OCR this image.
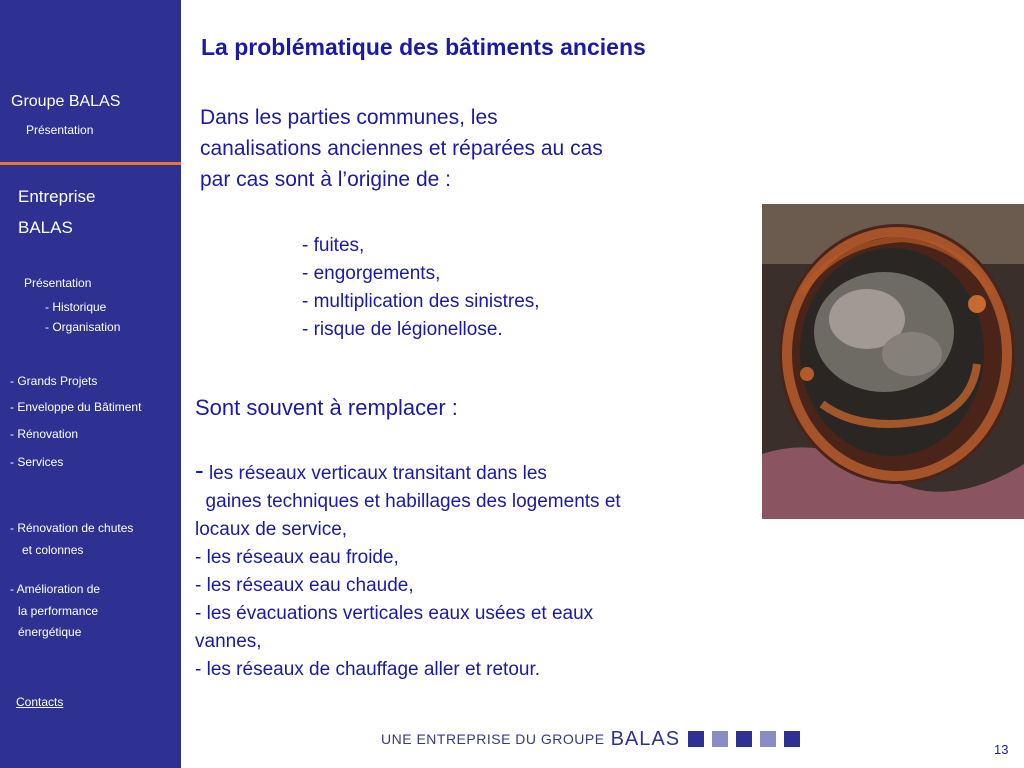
Groupe BALAS
Présentation
Entreprise
BALAS
Présentation
- Historique
- Organisation
- Grands Projets
- Enveloppe du Bâtiment
- Rénovation
- Services
- Rénovation de chutes
et colonnes
- Amélioration de
la performance
énergétique
Contacts
La problématique des bâtiments anciens
Dans les parties communes, les
canalisations anciennes et réparées au cas
par cas sont à l’origine de :
- fuites,
- engorgements,
- multiplication des sinistres,
- risque de légionellose.
Sont souvent à remplacer :
- les réseaux verticaux transitant dans les
gaines techniques et habillages des logements et
locaux de service,
- les réseaux eau froide,
- les réseaux eau chaude,
- les évacuations verticales eaux usées et eaux
vannes,
- les réseaux de chauffage aller et retour.
UNE ENTREPRISE DU GROUPE BALAS	13
